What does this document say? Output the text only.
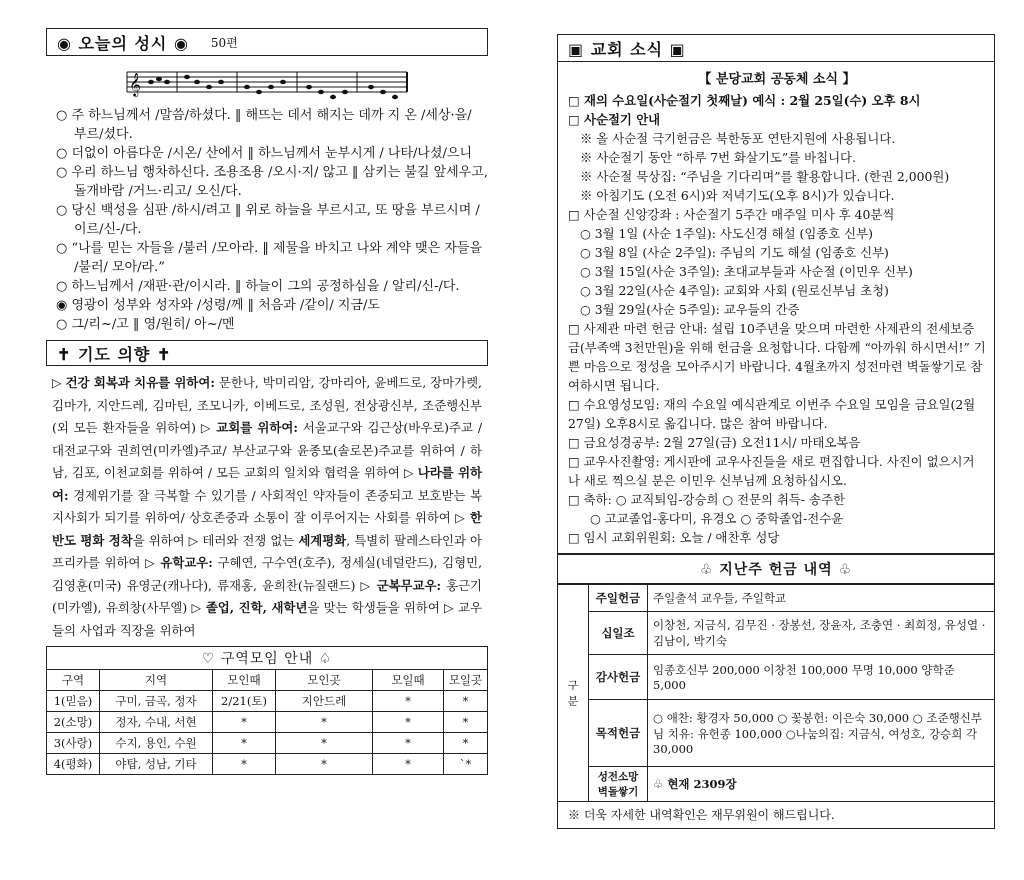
◉ 오늘의 성시 ◉ 50편
𝄞

○ 주 하느님께서 /말씀/하셨다. ‖ 해뜨는 데서 해지는 데까 지 온 /세상·을/ 부르/셨다.

○ 더없이 아름다운 /시온/ 산에서 ‖ 하느님께서 눈부시게 / 나타/나셨/으니

○ 우리 하느님 행차하신다. 조용조용 /오시·지/ 않고 ‖ 삼키는 불길 앞세우고, 돌개바람 /거느·리고/ 오신/다.

○ 당신 백성을 심판 /하시/려고 ‖ 위로 하늘을 부르시고, 또 땅을 부르시며 /이르/신-/다.

○ “나를 믿는 자들을 /불러 /모아라. ‖ 제물을 바치고 나와 계약 맺은 자들을 /불러/ 모아/라.”

○ 하느님께서 /재판·관/이시라. ‖ 하늘이 그의 공정하심을 / 알리/신-/다.

◉ 영광이 성부와 성자와 /성령/께 ‖ 처음과 /같이/ 지금/도

○ 그/리~/고 ‖ 영/원히/ 아~/멘

✝ 기도 의향 ✝
▷ 건강 회복과 치유를 위하여: 문한나, 박미리암, 강마리아, 윤베드로, 장마가렛, 김마가, 지안드레, 김마틴, 조모니카, 이베드로, 조성원, 전상광신부, 조준행신부(외 모든 환자들을 위하여) ▷ 교회를 위하여: 서울교구와 김근상(바우로)주교 / 대전교구와 권희연(미카엘)주교/ 부산교구와 윤종모(솔로몬)주교를 위하여 / 하남, 김포, 이천교회를 위하여 / 모든 교회의 일치와 협력을 위하여 ▷ 나라를 위하여: 경제위기를 잘 극복할 수 있기를 / 사회적인 약자들이 존중되고 보호받는 복지사회가 되기를 위하여/ 상호존중과 소통이 잘 이루어지는 사회를 위하여 ▷ 한반도 평화 정착을 위하여 ▷ 테러와 전쟁 없는 세계평화, 특별히 팔레스타인과 아프리카를 위하여 ▷ 유학교우: 구혜연, 구수연(호주), 정세실(네덜란드), 김형민, 김영훈(미국) 유영군(캐나다), 류재홍, 윤희찬(뉴질랜드) ▷ 군복무교우: 홍근기(미카엘), 유희창(사무엘) ▷ 졸업, 진학, 새학년을 맞는 학생들을 위하여 ▷ 교우들의 사업과 직장을 위하여
♡ 구역모임 안내 ♤					
구역	지역	모인때	모인곳	모일때	모일곳
1(믿음)	구미, 금곡, 정자	2/21(토)	지안드레	*	*
2(소망)	정자, 수내, 서현	*	*	*	*
3(사랑)	수지, 용인, 수원	*	*	*	*
4(평화)	야탑, 성남, 기타	*	*	*	`*
▣ 교회 소식 ▣
【 분당교회 공동체 소식 】
□ 재의 수요일(사순절기 첫째날) 예식 : 2월 25일(수) 오후 8시
□ 사순절기 안내
※ 올 사순절 극기헌금은 북한동포 연탄지원에 사용됩니다.
※ 사순절기 동안 “하루 7번 화살기도”를 바칩니다.
※ 사순절 묵상집: “주님을 기다리며”를 활용합니다. (한권 2,000원)
※ 아침기도 (오전 6시)와 저녁기도(오후 8시)가 있습니다.
□ 사순절 신앙강좌 : 사순절기 5주간 매주일 미사 후 40분씩
○ 3월 1일 (사순 1주일): 사도신경 해설 (임종호 신부)
○ 3월 8일 (사순 2주일): 주님의 기도 해설 (임종호 신부)
○ 3월 15일(사순 3주일): 초대교부들과 사순절 (이민우 신부)
○ 3월 22일(사순 4주일): 교회와 사회 (원로신부님 초청)
○ 3월 29일(사순 5주일): 교우들의 간증
□ 사제관 마련 헌금 안내: 설립 10주년을 맞으며 마련한 사제관의 전세보증금(부족액 3천만원)을 위해 헌금을 요청합니다. 다함께 “아까워 하시면서!” 기쁜 마음으로 정성을 모아주시기 바랍니다. 4월초까지 성전마련 벽돌쌓기로 참여하시면 됩니다.
□ 수요영성모임: 재의 수요일 예식관계로 이번주 수요일 모임을 금요일(2월 27일) 오후8시로 옮깁니다. 많은 참여 바랍니다.
□ 금요성경공부: 2월 27일(금) 오전11시/ 마태오복음
□ 교우사진촬영: 게시판에 교우사진들을 새로 편집합니다. 사진이 없으시거나 새로 찍으실 분은 이민우 신부님께 요청하십시오.
□ 축하: ○ 교직퇴임-강승희 ○ 전문의 취득- 송주한
○ 고교졸업-홍다미, 유경오 ○ 중학졸업-전수윤
□ 임시 교회위원회: 오늘 / 애찬후 성당
♧ 지난주 헌금 내역 ♧
구분	주일헌금	주일출석 교우들, 주일학교
	십일조	이창천, 지금식, 김무진 · 장봉선, 장윤자, 조충연 · 최희정, 유성열 · 김남이, 박기숙
	감사헌금	임종호신부 200,000 이창천 100,000 무명 10,000 양학준 5,000
	목적헌금	○ 애찬: 황경자 50,000 ○ 꽃봉헌: 이은숙 30,000 ○ 조준행신부님 치유: 유헌종 100,000 ○나눔의집: 지금식, 여성호, 강승희 각 30,000
	성전소망 벽돌쌓기	♧ 현재 2309장
※ 더욱 자세한 내역확인은 재무위원이 해드립니다.
